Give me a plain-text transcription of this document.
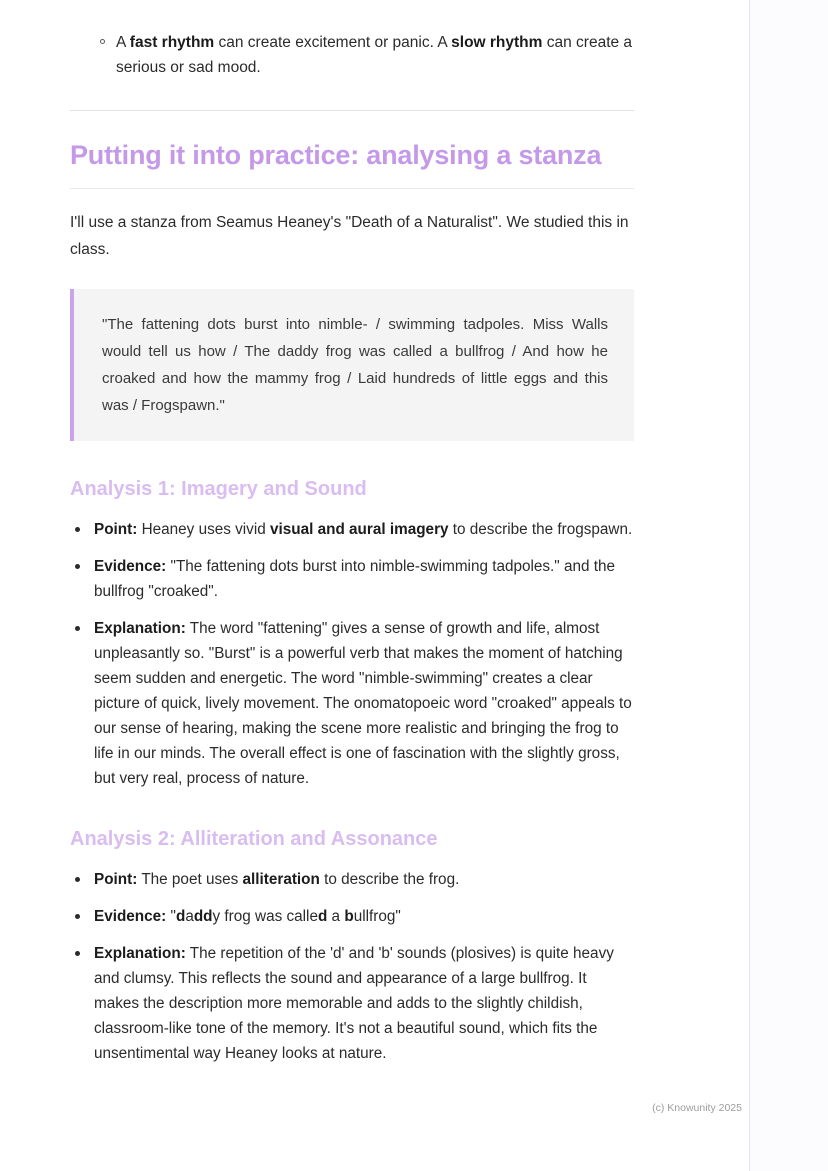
A fast rhythm can create excitement or panic. A slow rhythm can create a serious or sad mood.
Putting it into practice: analysing a stanza

I'll use a stanza from Seamus Heaney's "Death of a Naturalist". We studied this in class.

"The fattening dots burst into nimble- / swimming tadpoles. Miss Walls would tell us how / The daddy frog was called a bullfrog / And how he croaked and how the mammy frog / Laid hundreds of little eggs and this was / Frogspawn."

Analysis 1: Imagery and Sound
Point: Heaney uses vivid visual and aural imagery to describe the frogspawn.
Evidence: "The fattening dots burst into nimble-swimming tadpoles." and the bullfrog "croaked".
Explanation: The word "fattening" gives a sense of growth and life, almost unpleasantly so. "Burst" is a powerful verb that makes the moment of hatching seem sudden and energetic. The word "nimble-swimming" creates a clear picture of quick, lively movement. The onomatopoeic word "croaked" appeals to our sense of hearing, making the scene more realistic and bringing the frog to life in our minds. The overall effect is one of fascination with the slightly gross, but very real, process of nature.
Analysis 2: Alliteration and Assonance
Point: The poet uses alliteration to describe the frog.
Evidence: "daddy frog was called a bullfrog"
Explanation: The repetition of the 'd' and 'b' sounds (plosives) is quite heavy and clumsy. This reflects the sound and appearance of a large bullfrog. It makes the description more memorable and adds to the slightly childish, classroom-like tone of the memory. It's not a beautiful sound, which fits the unsentimental way Heaney looks at nature.
(c) Knowunity 2025
